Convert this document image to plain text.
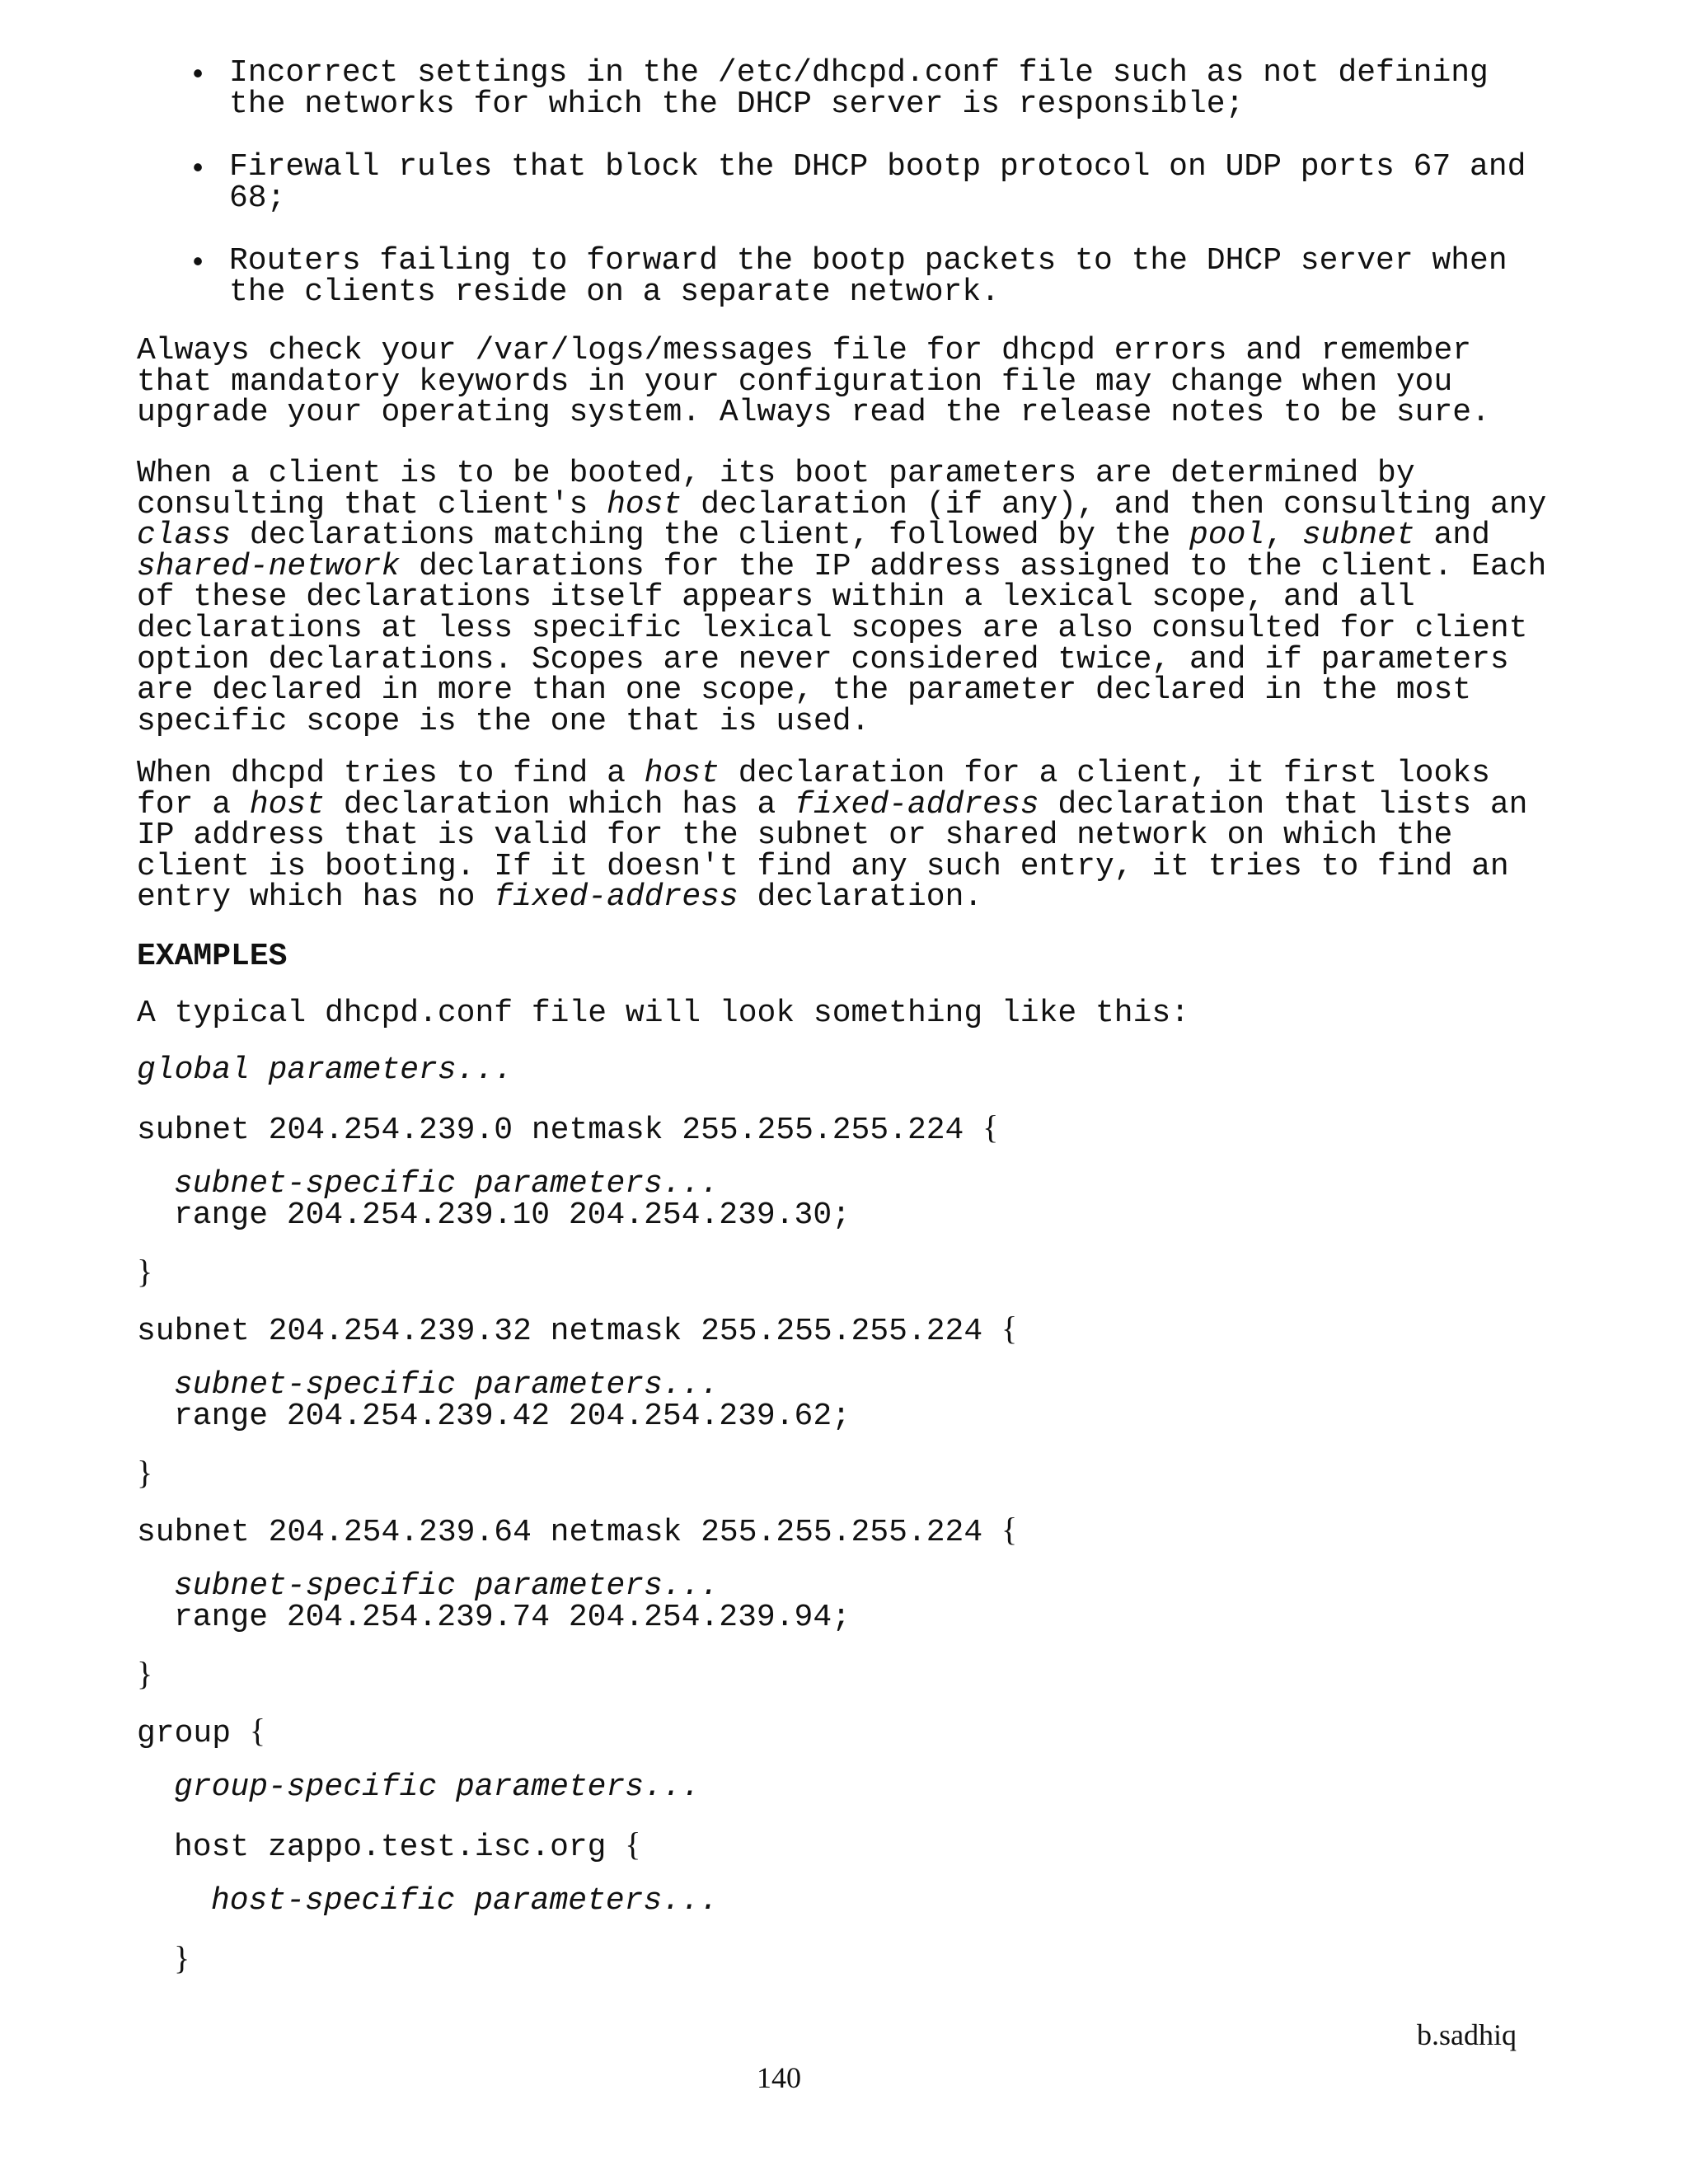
• Incorrect settings in the /etc/dhcpd.conf file such as not defining
the networks for which the DHCP server is responsible;
• Firewall rules that block the DHCP bootp protocol on UDP ports 67 and
68;
• Routers failing to forward the bootp packets to the DHCP server when
the clients reside on a separate network.
Always check your /var/logs/messages file for dhcpd errors and remember
that mandatory keywords in your configuration file may change when you
upgrade your operating system. Always read the release notes to be sure.
When a client is to be booted, its boot parameters are determined by
consulting that client's host declaration (if any), and then consulting any
class declarations matching the client, followed by the pool, subnet and
shared-network declarations for the IP address assigned to the client. Each
of these declarations itself appears within a lexical scope, and all
declarations at less specific lexical scopes are also consulted for client
option declarations. Scopes are never considered twice, and if parameters
are declared in more than one scope, the parameter declared in the most
specific scope is the one that is used.
When dhcpd tries to find a host declaration for a client, it first looks
for a host declaration which has a fixed-address declaration that lists an
IP address that is valid for the subnet or shared network on which the
client is booting. If it doesn't find any such entry, it tries to find an
entry which has no fixed-address declaration.
EXAMPLES
A typical dhcpd.conf file will look something like this:
global parameters...
subnet 204.254.239.0 netmask 255.255.255.224 {
subnet-specific parameters...
range 204.254.239.10 204.254.239.30;
}
subnet 204.254.239.32 netmask 255.255.255.224 {
subnet-specific parameters...
range 204.254.239.42 204.254.239.62;
}
subnet 204.254.239.64 netmask 255.255.255.224 {
subnet-specific parameters...
range 204.254.239.74 204.254.239.94;
}
group {
group-specific parameters...
host zappo.test.isc.org {
host-specific parameters...
}
b.sadhiq
140
